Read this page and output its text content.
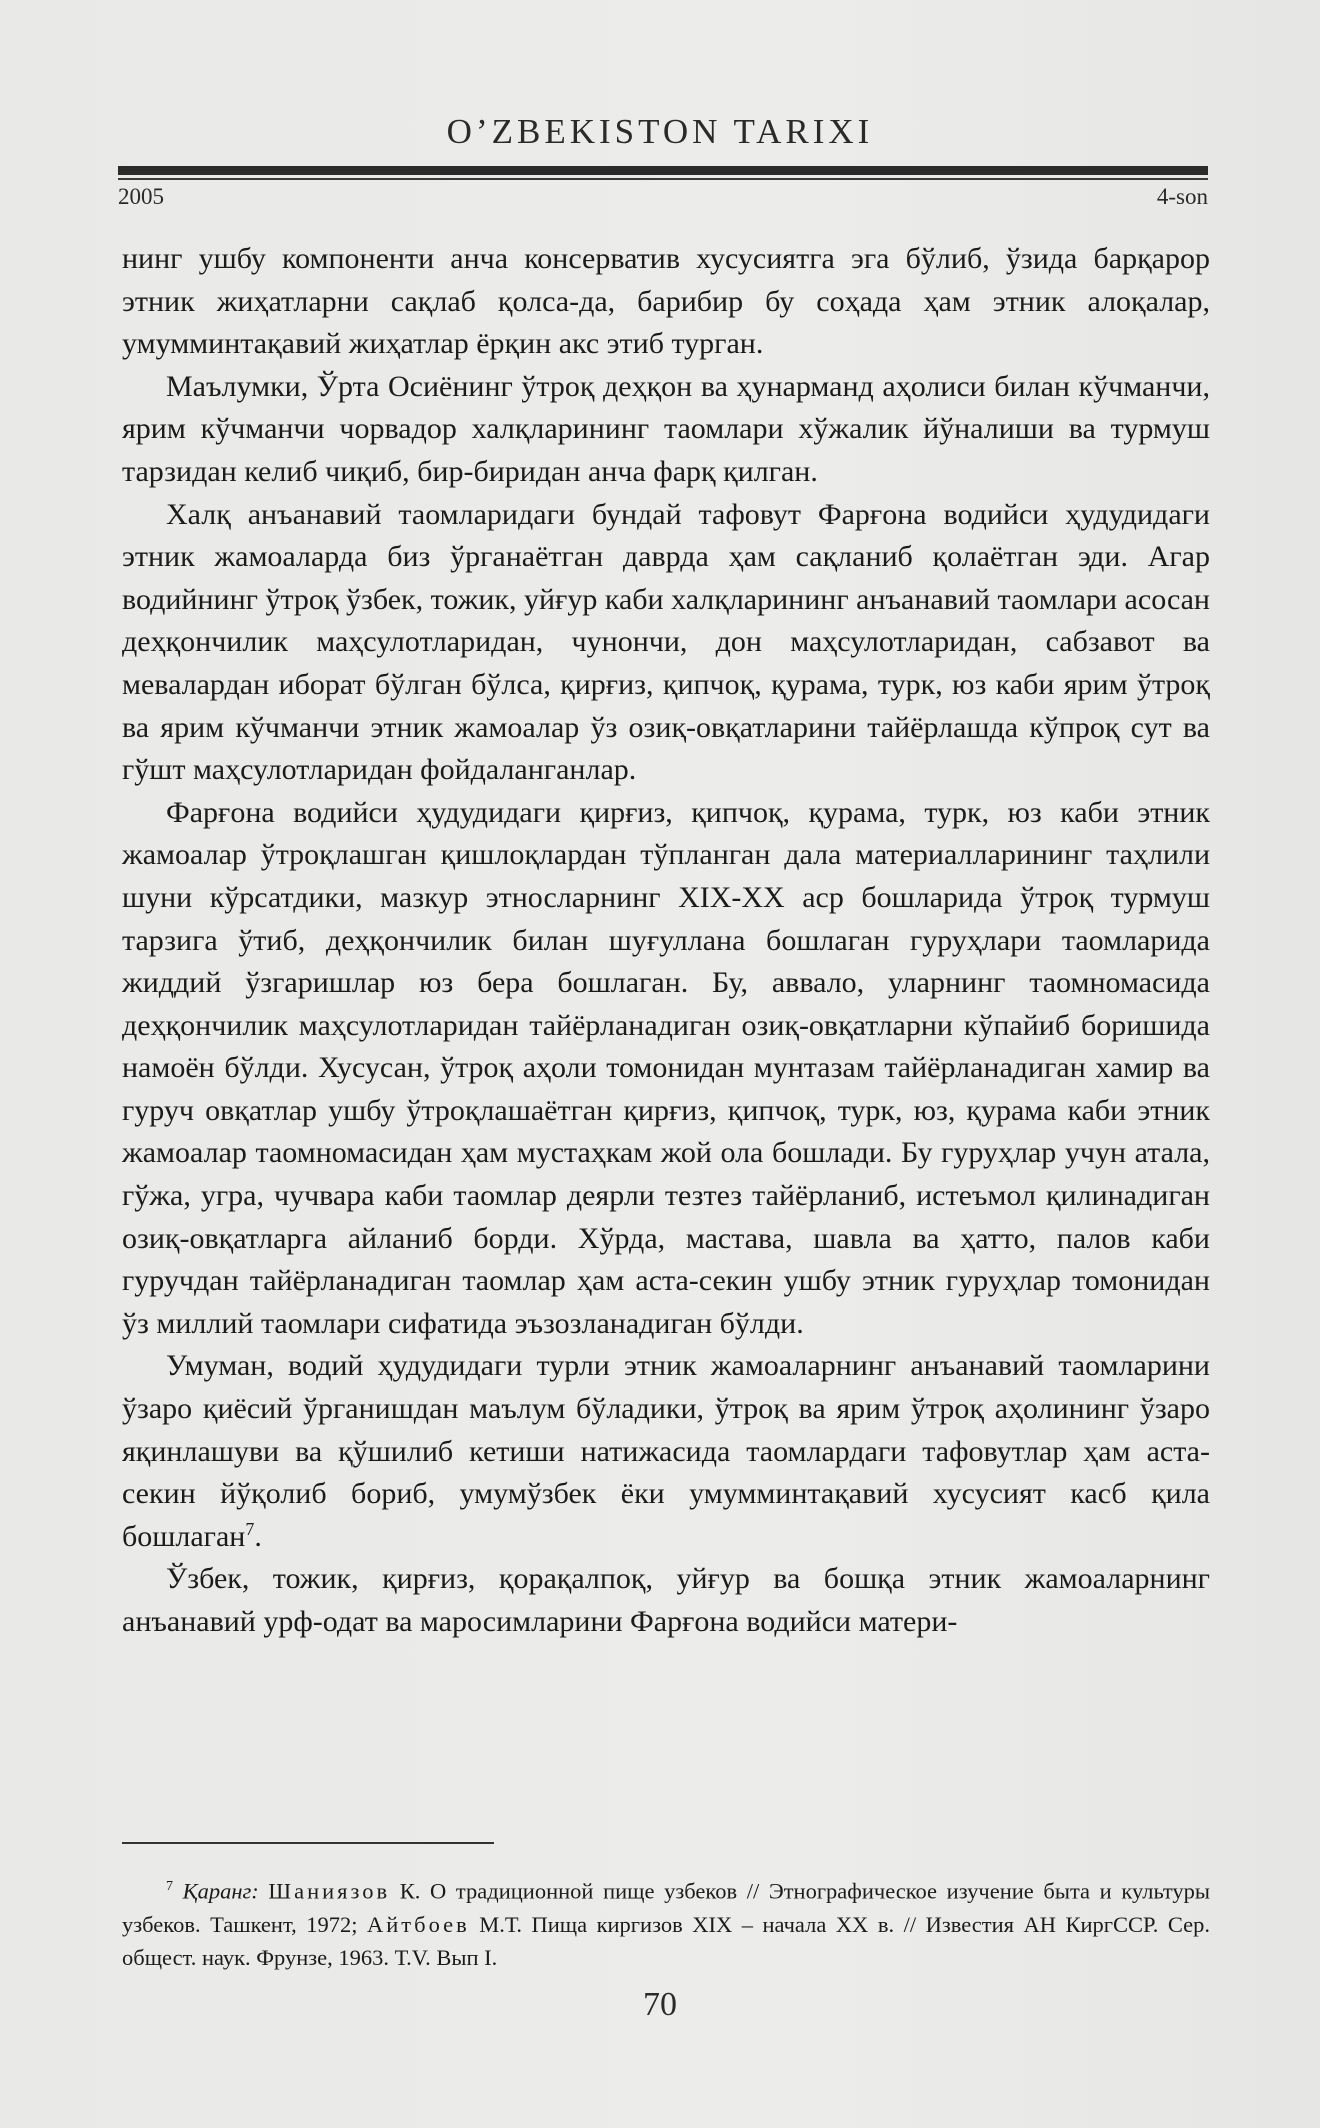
O’ZBEKISTON TARIXI
2005	4-son

нинг ушбу компоненти анча консерватив хусусиятга эга бўлиб, ўзида барқарор этник жиҳатларни сақлаб қолса-да, барибир бу соҳада ҳам этник алоқалар, умумминтақавий жиҳатлар ёрқин акс этиб турган.

Маълумки, Ўрта Осиёнинг ўтроқ деҳқон ва ҳунарманд аҳолиси билан кўчманчи, ярим кўчманчи чорвадор халқларининг таомлари хўжалик йўналиши ва турмуш тарзидан келиб чиқиб, бир-биридан анча фарқ қилган.

Халқ анъанавий таомларидаги бундай тафовут Фарғона водийси ҳудудидаги этник жамоаларда биз ўрганаётган даврда ҳам сақланиб қолаётган эди. Агар водийнинг ўтроқ ўзбек, тожик, уйғур каби халқларининг анъанавий таомлари асосан деҳқончилик маҳсулотларидан, чунончи, дон маҳсулотларидан, сабзавот ва мевалардан иборат бўлган бўлса, қирғиз, қипчоқ, қурама, турк, юз каби ярим ўтроқ ва ярим кўчманчи этник жамоалар ўз озиқ-овқатларини тайёрлашда кўпроқ сут ва гўшт маҳсулотларидан фойдаланганлар.

Фарғона водийси ҳудудидаги қирғиз, қипчоқ, қурама, турк, юз каби этник жамоалар ўтроқлашган қишлоқлардан тўпланган дала материалларининг таҳлили шуни кўрсатдики, мазкур этносларнинг XIX-XX аср бошларида ўтроқ турмуш тарзига ўтиб, деҳқончилик билан шуғуллана бошлаган гуруҳлари таомларида жиддий ўзгаришлар юз бера бошлаган. Бу, аввало, уларнинг таомномасида деҳқончилик маҳсулотларидан тайёрланадиган озиқ-овқатларни кўпайиб боришида намоён бўлди. Хусусан, ўтроқ аҳоли томонидан мунтазам тайёрланадиган хамир ва гуруч овқатлар ушбу ўтроқлашаётган қирғиз, қипчоқ, турк, юз, қурама каби этник жамоалар таомномасидан ҳам мустаҳкам жой ола бошлади. Бу гуруҳлар учун атала, гўжа, угра, чучвара каби таомлар деярли тезтез тайёрланиб, истеъмол қилинадиган озиқ-овқатларга айланиб борди. Хўрда, мастава, шавла ва ҳатто, палов каби гуручдан тайёрланадиган таомлар ҳам аста-секин ушбу этник гуруҳлар томонидан ўз миллий таомлари сифатида эъзозланадиган бўлди.

Умуман, водий ҳудудидаги турли этник жамоаларнинг анъанавий таомларини ўзаро қиёсий ўрганишдан маълум бўладики, ўтроқ ва ярим ўтроқ аҳолининг ўзаро яқинлашуви ва қўшилиб кетиши натижасида таомлардаги тафовутлар ҳам аста-секин йўқолиб бориб, умумўзбек ёки умумминтақавий хусусият касб қила бошлаган$^7$.

Ўзбек, тожик, қирғиз, қорақалпоқ, уйғур ва бошқа этник жамоаларнинг анъанавий урф-одат ва маросимларини Фарғона водийси матери-

$^7$ Қаранг: Шаниязов К. О традиционной пище узбеков // Этнографическое изучение быта и культуры узбеков. Ташкент, 1972; Айтбоев М.Т. Пища киргизов XIX – начала XX в. // Известия АН КиргССР. Сер. общест. наук. Фрунзе, 1963. Т.V. Вып I.
70
